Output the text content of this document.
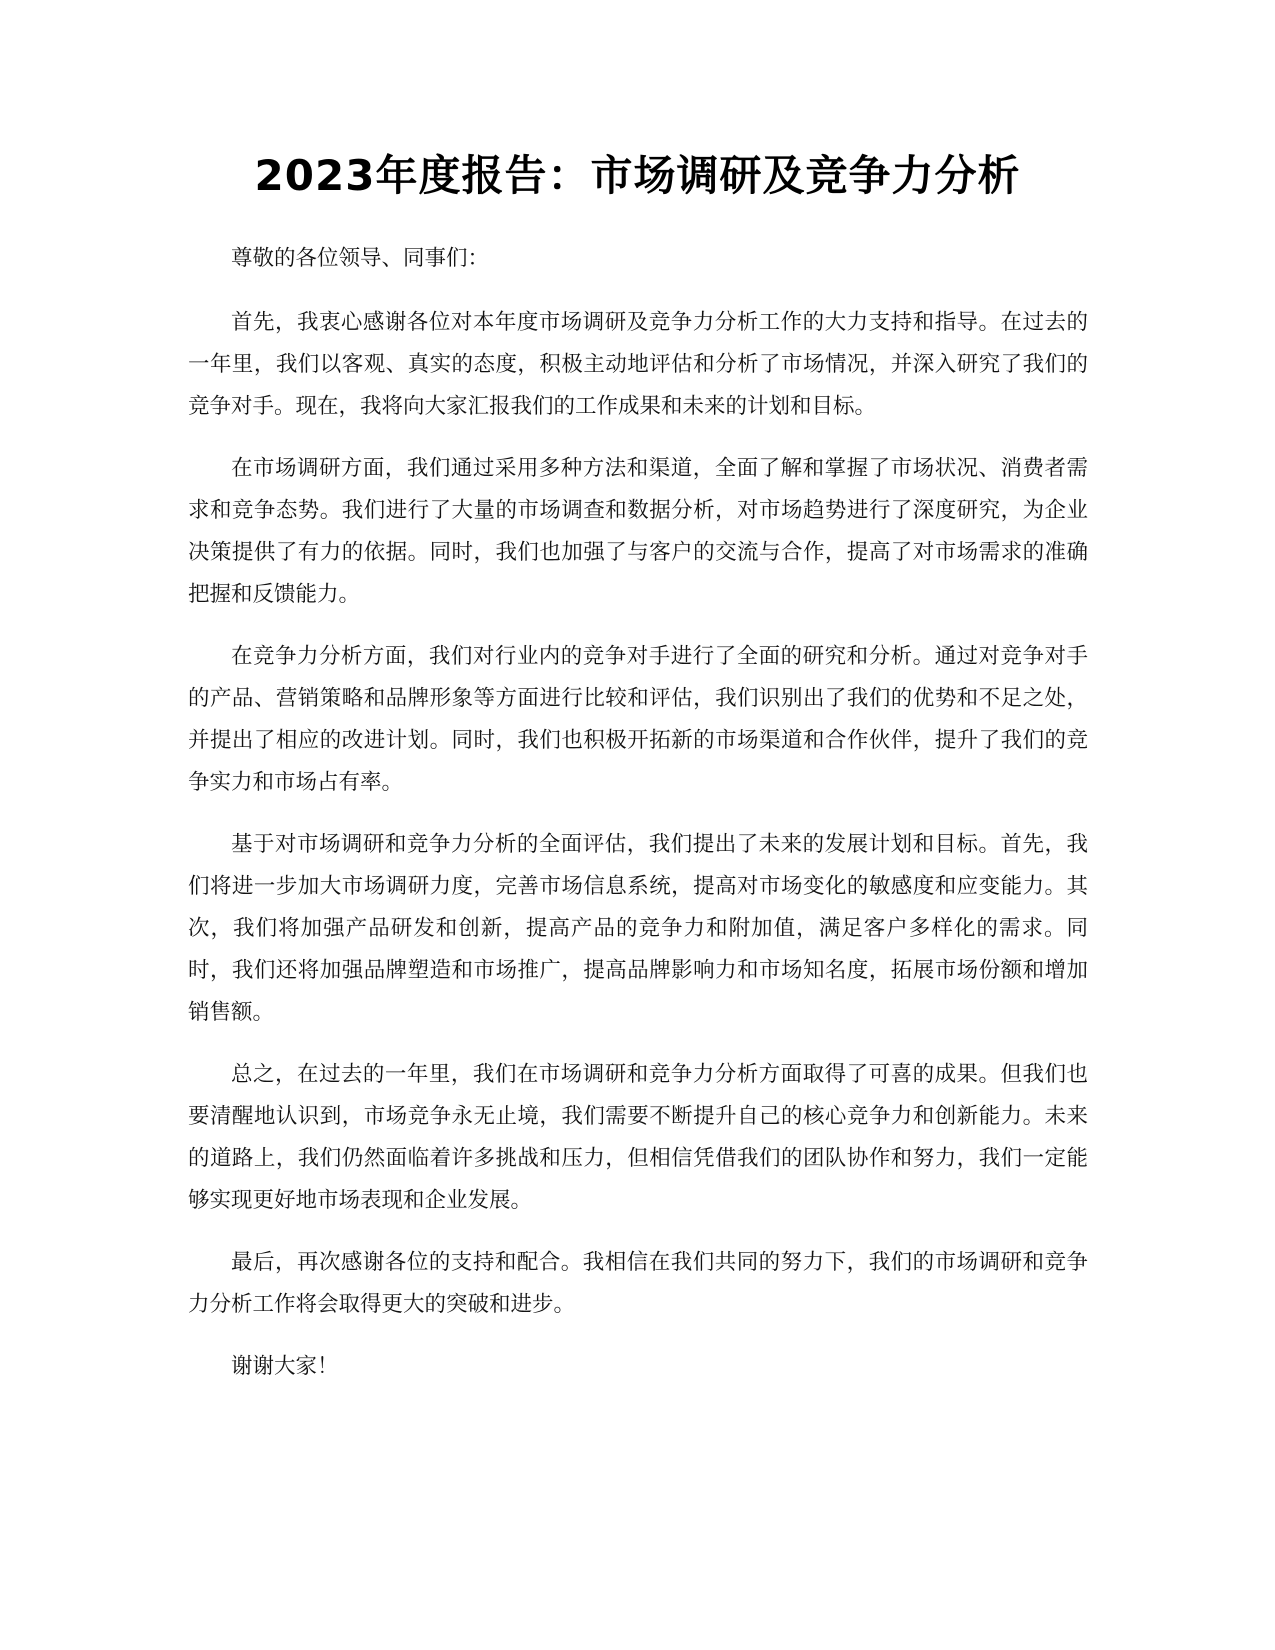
2023年度报告：市场调研及竞争力分析

尊敬的各位领导、同事们：

首先，我衷心感谢各位对本年度市场调研及竞争力分析工作的大力支持和指导。在过去的一年里，我们以客观、真实的态度，积极主动地评估和分析了市场情况，并深入研究了我们的竞争对手。现在，我将向大家汇报我们的工作成果和未来的计划和目标。

在市场调研方面，我们通过采用多种方法和渠道，全面了解和掌握了市场状况、消费者需求和竞争态势。我们进行了大量的市场调查和数据分析，对市场趋势进行了深度研究，为企业决策提供了有力的依据。同时，我们也加强了与客户的交流与合作，提高了对市场需求的准确把握和反馈能力。

在竞争力分析方面，我们对行业内的竞争对手进行了全面的研究和分析。通过对竞争对手的产品、营销策略和品牌形象等方面进行比较和评估，我们识别出了我们的优势和不足之处，并提出了相应的改进计划。同时，我们也积极开拓新的市场渠道和合作伙伴，提升了我们的竞争实力和市场占有率。

基于对市场调研和竞争力分析的全面评估，我们提出了未来的发展计划和目标。首先，我们将进一步加大市场调研力度，完善市场信息系统，提高对市场变化的敏感度和应变能力。其次，我们将加强产品研发和创新，提高产品的竞争力和附加值，满足客户多样化的需求。同时，我们还将加强品牌塑造和市场推广，提高品牌影响力和市场知名度，拓展市场份额和增加销售额。

总之，在过去的一年里，我们在市场调研和竞争力分析方面取得了可喜的成果。但我们也要清醒地认识到，市场竞争永无止境，我们需要不断提升自己的核心竞争力和创新能力。未来的道路上，我们仍然面临着许多挑战和压力，但相信凭借我们的团队协作和努力，我们一定能够实现更好地市场表现和企业发展。

最后，再次感谢各位的支持和配合。我相信在我们共同的努力下，我们的市场调研和竞争力分析工作将会取得更大的突破和进步。

谢谢大家！
